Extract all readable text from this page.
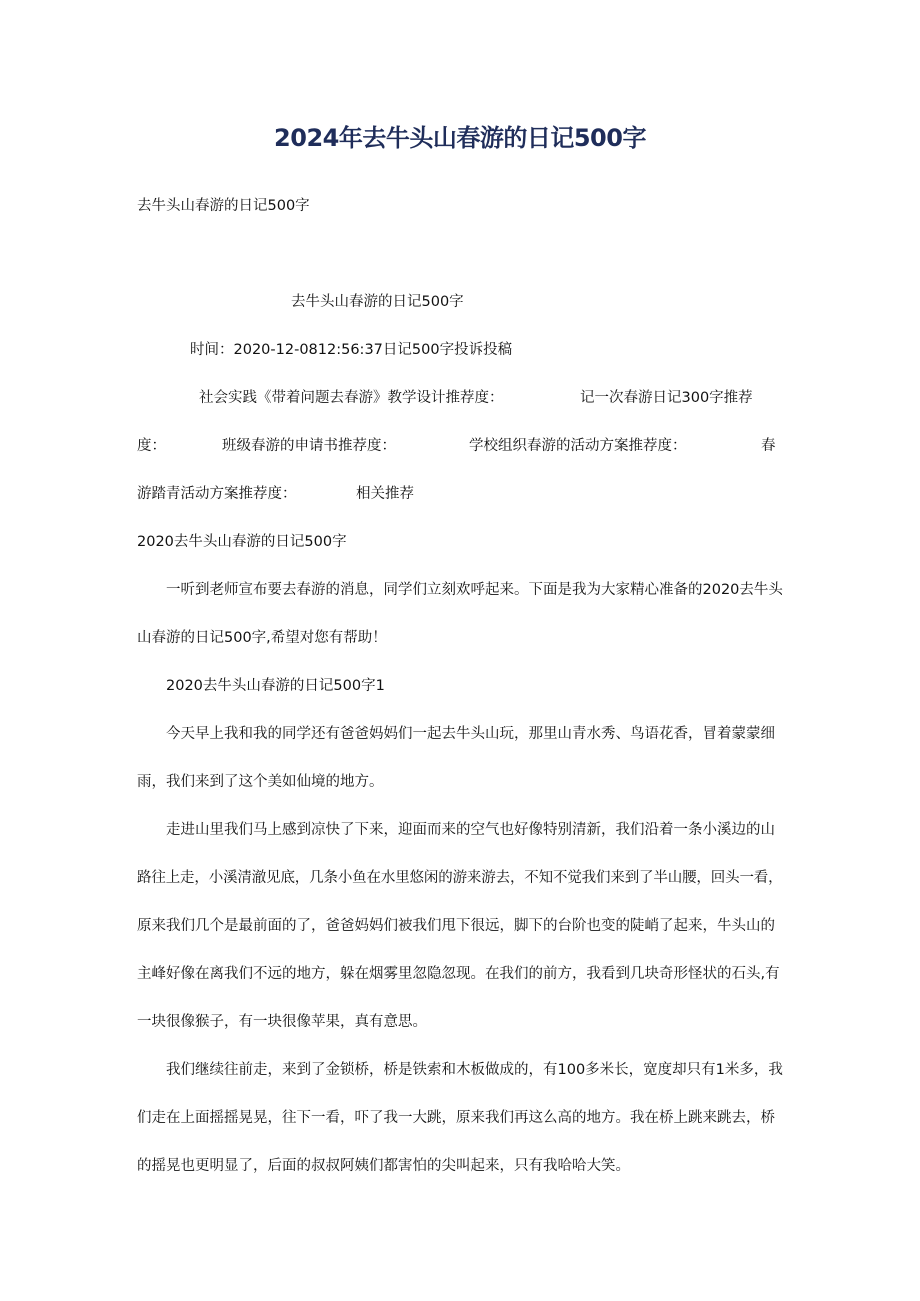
2024年去牛头山春游的日记500字
去牛头山春游的日记500字
去牛头山春游的日记500字
时间：2020-12-0812:56:37日记500字投诉投稿
社会实践《带着问题去春游》教学设计推荐度：	记一次春游日记300字推荐
度：	班级春游的申请书推荐度：	学校组织春游的活动方案推荐度：	春
游踏青活动方案推荐度：	相关推荐
2020去牛头山春游的日记500字
一听到老师宣布要去春游的消息，同学们立刻欢呼起来。下面是我为大家精心准备的2020去牛头
山春游的日记500字,希望对您有帮助！
2020去牛头山春游的日记500字1
今天早上我和我的同学还有爸爸妈妈们一起去牛头山玩，那里山青水秀、鸟语花香，冒着蒙蒙细
雨，我们来到了这个美如仙境的地方。
走进山里我们马上感到凉快了下来，迎面而来的空气也好像特别清新，我们沿着一条小溪边的山
路往上走，小溪清澈见底，几条小鱼在水里悠闲的游来游去，不知不觉我们来到了半山腰，回头一看，
原来我们几个是最前面的了，爸爸妈妈们被我们甩下很远，脚下的台阶也变的陡峭了起来，牛头山的
主峰好像在离我们不远的地方，躲在烟雾里忽隐忽现。在我们的前方，我看到几块奇形怪状的石头,有
一块很像猴子，有一块很像苹果，真有意思。
我们继续往前走，来到了金锁桥，桥是铁索和木板做成的，有100多米长，宽度却只有1米多，我
们走在上面摇摇晃晃，往下一看，吓了我一大跳，原来我们再这么高的地方。我在桥上跳来跳去，桥
的摇晃也更明显了，后面的叔叔阿姨们都害怕的尖叫起来，只有我哈哈大笑。
